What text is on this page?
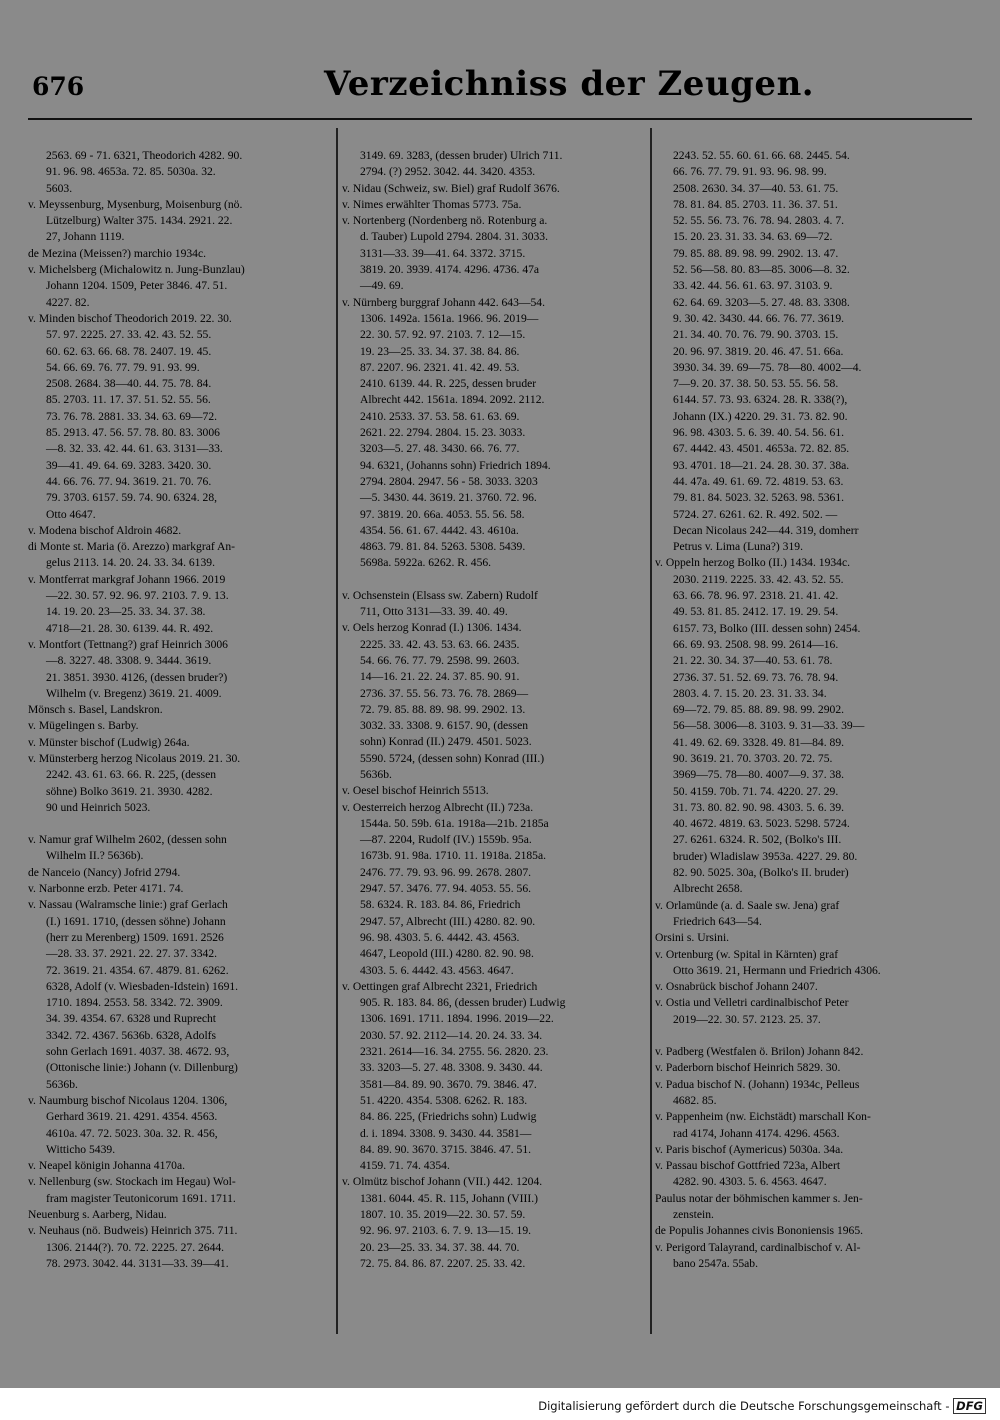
676	Verzeichniss der Zeugen.
2563. 69 - 71. 6321, Theodorich 4282. 90.
91. 96. 98. 4653a. 72. 85. 5030a. 32.
5603.
v. Meyssenburg, Mysenburg, Moisenburg (nö.
Lützelburg) Walter 375. 1434. 2921. 22.
27, Johann 1119.
de Mezina (Meissen?) marchio 1934c.
v. Michelsberg (Michalowitz n. Jung-Bunzlau)
Johann 1204. 1509, Peter 3846. 47. 51.
4227. 82.
v. Minden bischof Theodorich 2019. 22. 30.
57. 97. 2225. 27. 33. 42. 43. 52. 55.
60. 62. 63. 66. 68. 78. 2407. 19. 45.
54. 66. 69. 76. 77. 79. 91. 93. 99.
2508. 2684. 38—40. 44. 75. 78. 84.
85. 2703. 11. 17. 37. 51. 52. 55. 56.
73. 76. 78. 2881. 33. 34. 63. 69—72.
85. 2913. 47. 56. 57. 78. 80. 83. 3006
—8. 32. 33. 42. 44. 61. 63. 3131—33.
39—41. 49. 64. 69. 3283. 3420. 30.
44. 66. 76. 77. 94. 3619. 21. 70. 76.
79. 3703. 6157. 59. 74. 90. 6324. 28,
Otto 4647.
v. Modena bischof Aldroin 4682.
di Monte st. Maria (ö. Arezzo) markgraf An-
gelus 2113. 14. 20. 24. 33. 34. 6139.
v. Montferrat markgraf Johann 1966. 2019
—22. 30. 57. 92. 96. 97. 2103. 7. 9. 13.
14. 19. 20. 23—25. 33. 34. 37. 38.
4718—21. 28. 30. 6139. 44. R. 492.
v. Montfort (Tettnang?) graf Heinrich 3006
—8. 3227. 48. 3308. 9. 3444. 3619.
21. 3851. 3930. 4126, (dessen bruder?)
Wilhelm (v. Bregenz) 3619. 21. 4009.
Mönsch s. Basel, Landskron.
v. Mügelingen s. Barby.
v. Münster bischof (Ludwig) 264a.
v. Münsterberg herzog Nicolaus 2019. 21. 30.
2242. 43. 61. 63. 66. R. 225, (dessen
söhne) Bolko 3619. 21. 3930. 4282.
90 und Heinrich 5023.
v. Namur graf Wilhelm 2602, (dessen sohn
Wilhelm II.? 5636b).
de Nanceio (Nancy) Jofrid 2794.
v. Narbonne erzb. Peter 4171. 74.
v. Nassau (Walramsche linie:) graf Gerlach
(I.) 1691. 1710, (dessen söhne) Johann
(herr zu Merenberg) 1509. 1691. 2526
—28. 33. 37. 2921. 22. 27. 37. 3342.
72. 3619. 21. 4354. 67. 4879. 81. 6262.
6328, Adolf (v. Wiesbaden-Idstein) 1691.
1710. 1894. 2553. 58. 3342. 72. 3909.
34. 39. 4354. 67. 6328 und Ruprecht
3342. 72. 4367. 5636b. 6328, Adolfs
sohn Gerlach 1691. 4037. 38. 4672. 93,
(Ottonische linie:) Johann (v. Dillenburg)
5636b.
v. Naumburg bischof Nicolaus 1204. 1306,
Gerhard 3619. 21. 4291. 4354. 4563.
4610a. 47. 72. 5023. 30a. 32. R. 456,
Witticho 5439.
v. Neapel königin Johanna 4170a.
v. Nellenburg (sw. Stockach im Hegau) Wol-
fram magister Teutonicorum 1691. 1711.
Neuenburg s. Aarberg, Nidau.
v. Neuhaus (nö. Budweis) Heinrich 375. 711.
1306. 2144(?). 70. 72. 2225. 27. 2644.
78. 2973. 3042. 44. 3131—33. 39—41.
3149. 69. 3283, (dessen bruder) Ulrich 711.
2794. (?) 2952. 3042. 44. 3420. 4353.
v. Nidau (Schweiz, sw. Biel) graf Rudolf 3676.
v. Nimes erwählter Thomas 5773. 75a.
v. Nortenberg (Nordenberg nö. Rotenburg a.
d. Tauber) Lupold 2794. 2804. 31. 3033.
3131—33. 39—41. 64. 3372. 3715.
3819. 20. 3939. 4174. 4296. 4736. 47a
—49. 69.
v. Nürnberg burggraf Johann 442. 643—54.
1306. 1492a. 1561a. 1966. 96. 2019—
22. 30. 57. 92. 97. 2103. 7. 12—15.
19. 23—25. 33. 34. 37. 38. 84. 86.
87. 2207. 96. 2321. 41. 42. 49. 53.
2410. 6139. 44. R. 225, dessen bruder
Albrecht 442. 1561a. 1894. 2092. 2112.
2410. 2533. 37. 53. 58. 61. 63. 69.
2621. 22. 2794. 2804. 15. 23. 3033.
3203—5. 27. 48. 3430. 66. 76. 77.
94. 6321, (Johanns sohn) Friedrich 1894.
2794. 2804. 2947. 56 - 58. 3033. 3203
—5. 3430. 44. 3619. 21. 3760. 72. 96.
97. 3819. 20. 66a. 4053. 55. 56. 58.
4354. 56. 61. 67. 4442. 43. 4610a.
4863. 79. 81. 84. 5263. 5308. 5439.
5698a. 5922a. 6262. R. 456.
v. Ochsenstein (Elsass sw. Zabern) Rudolf
711, Otto 3131—33. 39. 40. 49.
v. Oels herzog Konrad (I.) 1306. 1434.
2225. 33. 42. 43. 53. 63. 66. 2435.
54. 66. 76. 77. 79. 2598. 99. 2603.
14—16. 21. 22. 24. 37. 85. 90. 91.
2736. 37. 55. 56. 73. 76. 78. 2869—
72. 79. 85. 88. 89. 98. 99. 2902. 13.
3032. 33. 3308. 9. 6157. 90, (dessen
sohn) Konrad (II.) 2479. 4501. 5023.
5590. 5724, (dessen sohn) Konrad (III.)
5636b.
v. Oesel bischof Heinrich 5513.
v. Oesterreich herzog Albrecht (II.) 723a.
1544a. 50. 59b. 61a. 1918a—21b. 2185a
—87. 2204, Rudolf (IV.) 1559b. 95a.
1673b. 91. 98a. 1710. 11. 1918a. 2185a.
2476. 77. 79. 93. 96. 99. 2678. 2807.
2947. 57. 3476. 77. 94. 4053. 55. 56.
58. 6324. R. 183. 84. 86, Friedrich
2947. 57, Albrecht (III.) 4280. 82. 90.
96. 98. 4303. 5. 6. 4442. 43. 4563.
4647, Leopold (III.) 4280. 82. 90. 98.
4303. 5. 6. 4442. 43. 4563. 4647.
v. Oettingen graf Albrecht 2321, Friedrich
905. R. 183. 84. 86, (dessen bruder) Ludwig
1306. 1691. 1711. 1894. 1996. 2019—22.
2030. 57. 92. 2112—14. 20. 24. 33. 34.
2321. 2614—16. 34. 2755. 56. 2820. 23.
33. 3203—5. 27. 48. 3308. 9. 3430. 44.
3581—84. 89. 90. 3670. 79. 3846. 47.
51. 4220. 4354. 5308. 6262. R. 183.
84. 86. 225, (Friedrichs sohn) Ludwig
d. i. 1894. 3308. 9. 3430. 44. 3581—
84. 89. 90. 3670. 3715. 3846. 47. 51.
4159. 71. 74. 4354.
v. Olmütz bischof Johann (VII.) 442. 1204.
1381. 6044. 45. R. 115, Johann (VIII.)
1807. 10. 35. 2019—22. 30. 57. 59.
92. 96. 97. 2103. 6. 7. 9. 13—15. 19.
20. 23—25. 33. 34. 37. 38. 44. 70.
72. 75. 84. 86. 87. 2207. 25. 33. 42.
2243. 52. 55. 60. 61. 66. 68. 2445. 54.
66. 76. 77. 79. 91. 93. 96. 98. 99.
2508. 2630. 34. 37—40. 53. 61. 75.
78. 81. 84. 85. 2703. 11. 36. 37. 51.
52. 55. 56. 73. 76. 78. 94. 2803. 4. 7.
15. 20. 23. 31. 33. 34. 63. 69—72.
79. 85. 88. 89. 98. 99. 2902. 13. 47.
52. 56—58. 80. 83—85. 3006—8. 32.
33. 42. 44. 56. 61. 63. 97. 3103. 9.
62. 64. 69. 3203—5. 27. 48. 83. 3308.
9. 30. 42. 3430. 44. 66. 76. 77. 3619.
21. 34. 40. 70. 76. 79. 90. 3703. 15.
20. 96. 97. 3819. 20. 46. 47. 51. 66a.
3930. 34. 39. 69—75. 78—80. 4002—4.
7—9. 20. 37. 38. 50. 53. 55. 56. 58.
6144. 57. 73. 93. 6324. 28. R. 338(?),
Johann (IX.) 4220. 29. 31. 73. 82. 90.
96. 98. 4303. 5. 6. 39. 40. 54. 56. 61.
67. 4442. 43. 4501. 4653a. 72. 82. 85.
93. 4701. 18—21. 24. 28. 30. 37. 38a.
44. 47a. 49. 61. 69. 72. 4819. 53. 63.
79. 81. 84. 5023. 32. 5263. 98. 5361.
5724. 27. 6261. 62. R. 492. 502. —
Decan Nicolaus 242—44. 319, domherr
Petrus v. Lima (Luna?) 319.
v. Oppeln herzog Bolko (II.) 1434. 1934c.
2030. 2119. 2225. 33. 42. 43. 52. 55.
63. 66. 78. 96. 97. 2318. 21. 41. 42.
49. 53. 81. 85. 2412. 17. 19. 29. 54.
6157. 73, Bolko (III. dessen sohn) 2454.
66. 69. 93. 2508. 98. 99. 2614—16.
21. 22. 30. 34. 37—40. 53. 61. 78.
2736. 37. 51. 52. 69. 73. 76. 78. 94.
2803. 4. 7. 15. 20. 23. 31. 33. 34.
69—72. 79. 85. 88. 89. 98. 99. 2902.
56—58. 3006—8. 3103. 9. 31—33. 39—
41. 49. 62. 69. 3328. 49. 81—84. 89.
90. 3619. 21. 70. 3703. 20. 72. 75.
3969—75. 78—80. 4007—9. 37. 38.
50. 4159. 70b. 71. 74. 4220. 27. 29.
31. 73. 80. 82. 90. 98. 4303. 5. 6. 39.
40. 4672. 4819. 63. 5023. 5298. 5724.
27. 6261. 6324. R. 502, (Bolko's III.
bruder) Wladislaw 3953a. 4227. 29. 80.
82. 90. 5025. 30a, (Bolko's II. bruder)
Albrecht 2658.
v. Orlamünde (a. d. Saale sw. Jena) graf
Friedrich 643—54.
Orsini s. Ursini.
v. Ortenburg (w. Spital in Kärnten) graf
Otto 3619. 21, Hermann und Friedrich 4306.
v. Osnabrück bischof Johann 2407.
v. Ostia und Velletri cardinalbischof Peter
2019—22. 30. 57. 2123. 25. 37.
v. Padberg (Westfalen ö. Brilon) Johann 842.
v. Paderborn bischof Heinrich 5829. 30.
v. Padua bischof N. (Johann) 1934c, Pelleus
4682. 85.
v. Pappenheim (nw. Eichstädt) marschall Kon-
rad 4174, Johann 4174. 4296. 4563.
v. Paris bischof (Aymericus) 5030a. 34a.
v. Passau bischof Gottfried 723a, Albert
4282. 90. 4303. 5. 6. 4563. 4647.
Paulus notar der böhmischen kammer s. Jen-
zenstein.
de Populis Johannes civis Bononiensis 1965.
v. Perigord Talayrand, cardinalbischof v. Al-
bano 2547a. 55ab.
Digitalisierung gefördert durch die Deutsche Forschungsgemeinschaft - DFG
